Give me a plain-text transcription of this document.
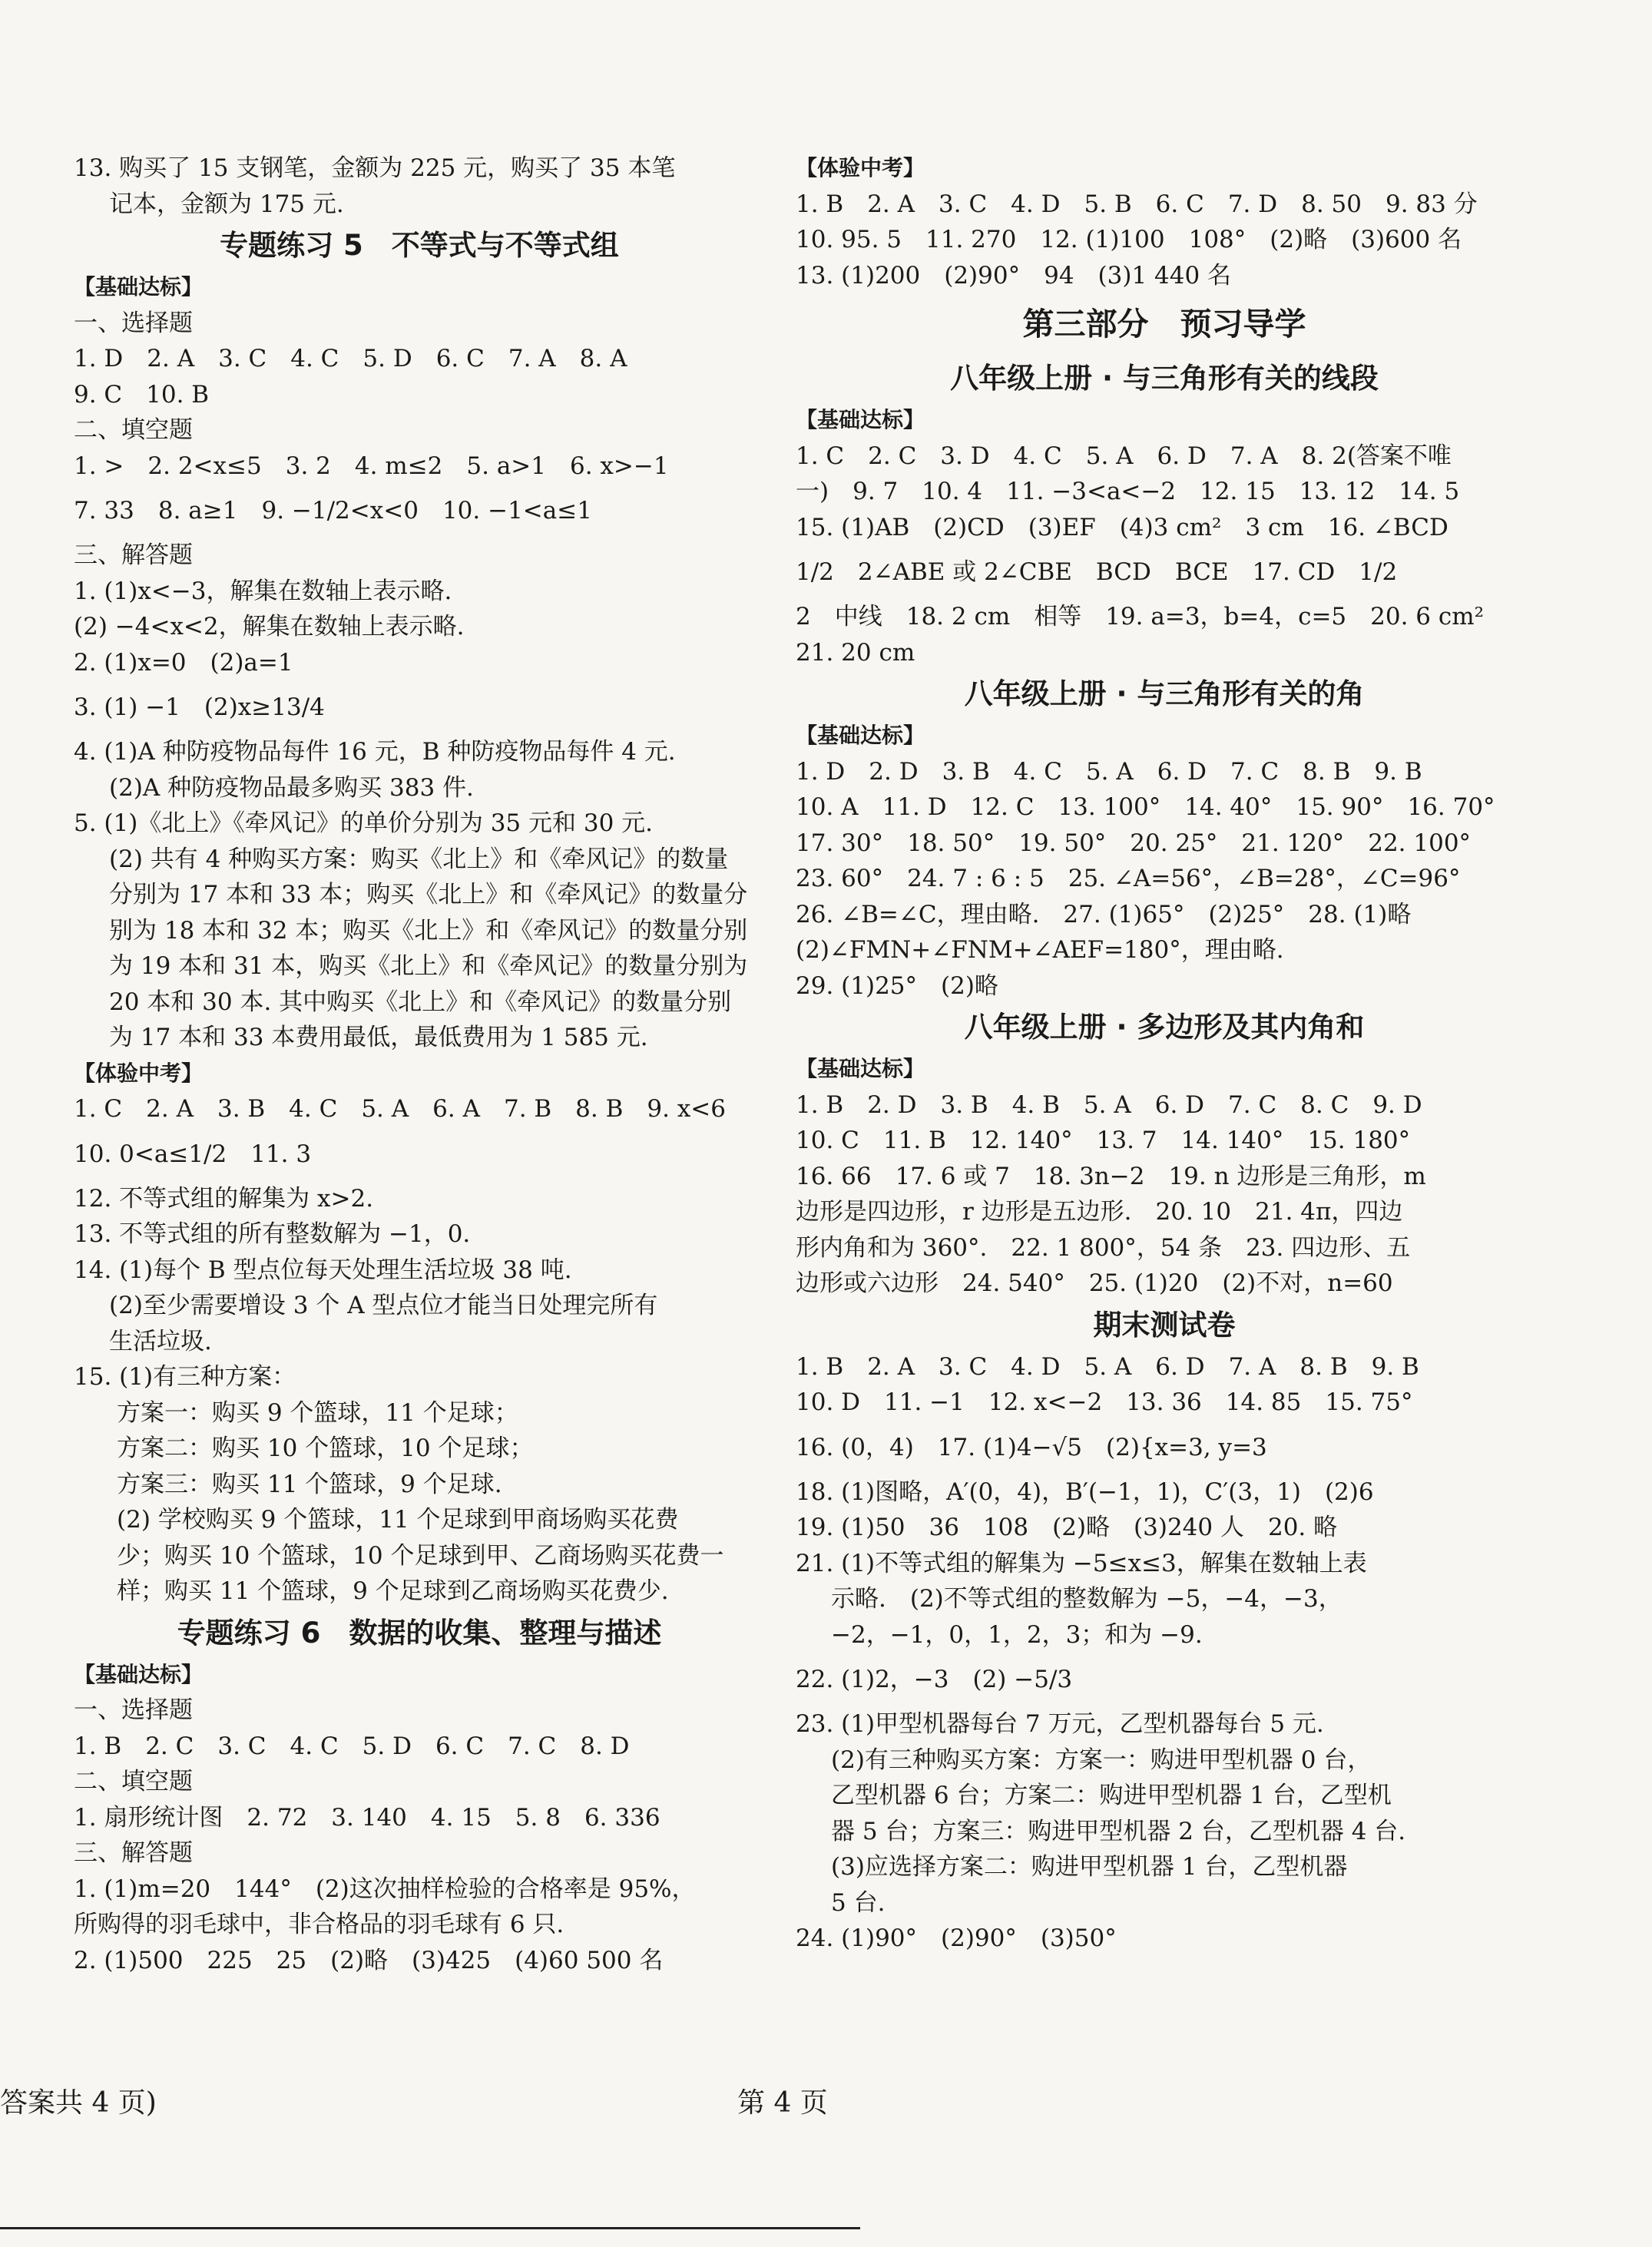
13. 购买了 15 支钢笔，金额为 225 元，购买了 35 本笔
记本，金额为 175 元.
专题练习 5　不等式与不等式组
【基础达标】
一、选择题
1. D　2. A　3. C　4. C　5. D　6. C　7. A　8. A
9. C　10. B
二、填空题
1. >　2. 2<x≤5　3. 2　4. m≤2　5. a>1　6. x>−1
7. 33　8. a≥1　9. −1/2<x<0　10. −1<a≤1
三、解答题
1. (1)x<−3，解集在数轴上表示略.
(2) −4<x<2，解集在数轴上表示略.
2. (1)x=0　(2)a=1
3. (1) −1　(2)x≥13/4
4. (1)A 种防疫物品每件 16 元，B 种防疫物品每件 4 元.
(2)A 种防疫物品最多购买 383 件.
5. (1)《北上》《牵风记》的单价分别为 35 元和 30 元.
(2) 共有 4 种购买方案：购买《北上》和《牵风记》的数量
分别为 17 本和 33 本；购买《北上》和《牵风记》的数量分
别为 18 本和 32 本；购买《北上》和《牵风记》的数量分别
为 19 本和 31 本，购买《北上》和《牵风记》的数量分别为
20 本和 30 本. 其中购买《北上》和《牵风记》的数量分别
为 17 本和 33 本费用最低，最低费用为 1 585 元.
【体验中考】
1. C　2. A　3. B　4. C　5. A　6. A　7. B　8. B　9. x<6
10. 0<a≤1/2　11. 3
12. 不等式组的解集为 x>2.
13. 不等式组的所有整数解为 −1，0.
14. (1)每个 B 型点位每天处理生活垃圾 38 吨.
(2)至少需要增设 3 个 A 型点位才能当日处理完所有
生活垃圾.
15. (1)有三种方案：
方案一：购买 9 个篮球，11 个足球；
方案二：购买 10 个篮球，10 个足球；
方案三：购买 11 个篮球，9 个足球.
(2) 学校购买 9 个篮球，11 个足球到甲商场购买花费
少；购买 10 个篮球，10 个足球到甲、乙商场购买花费一
样；购买 11 个篮球，9 个足球到乙商场购买花费少.
专题练习 6　数据的收集、整理与描述
【基础达标】
一、选择题
1. B　2. C　3. C　4. C　5. D　6. C　7. C　8. D
二、填空题
1. 扇形统计图　2. 72　3. 140　4. 15　5. 8　6. 336
三、解答题
1. (1)m=20　144°　(2)这次抽样检验的合格率是 95%，
所购得的羽毛球中，非合格品的羽毛球有 6 只.
2. (1)500　225　25　(2)略　(3)425　(4)60 500 名
【体验中考】
1. B　2. A　3. C　4. D　5. B　6. C　7. D　8. 50　9. 83 分
10. 95. 5　11. 270　12. (1)100　108°　(2)略　(3)600 名
13. (1)200　(2)90°　94　(3)1 440 名
第三部分　预习导学
八年级上册 · 与三角形有关的线段
【基础达标】
1. C　2. C　3. D　4. C　5. A　6. D　7. A　8. 2(答案不唯
一)　9. 7　10. 4　11. −3<a<−2　12. 15　13. 12　14. 5
15. (1)AB　(2)CD　(3)EF　(4)3 cm²　3 cm　16. ∠BCD
1/2　2∠ABE 或 2∠CBE　BCD　BCE　17. CD　1/2
2　中线　18. 2 cm　相等　19. a=3，b=4，c=5　20. 6 cm²
21. 20 cm
八年级上册 · 与三角形有关的角
【基础达标】
1. D　2. D　3. B　4. C　5. A　6. D　7. C　8. B　9. B
10. A　11. D　12. C　13. 100°　14. 40°　15. 90°　16. 70°
17. 30°　18. 50°　19. 50°　20. 25°　21. 120°　22. 100°
23. 60°　24. 7 : 6 : 5　25. ∠A=56°，∠B=28°，∠C=96°
26. ∠B=∠C，理由略.　27. (1)65°　(2)25°　28. (1)略
(2)∠FMN+∠FNM+∠AEF=180°，理由略.
29. (1)25°　(2)略
八年级上册 · 多边形及其内角和
【基础达标】
1. B　2. D　3. B　4. B　5. A　6. D　7. C　8. C　9. D
10. C　11. B　12. 140°　13. 7　14. 140°　15. 180°
16. 66　17. 6 或 7　18. 3n−2　19. n 边形是三角形，m
边形是四边形，r 边形是五边形.　20. 10　21. 4π，四边
形内角和为 360°.　22. 1 800°，54 条　23. 四边形、五
边形或六边形　24. 540°　25. (1)20　(2)不对，n=60
期末测试卷
1. B　2. A　3. C　4. D　5. A　6. D　7. A　8. B　9. B
10. D　11. −1　12. x<−2　13. 36　14. 85　15. 75°
16. (0，4)　17. (1)4−√5　(2){x=3, y=3
18. (1)图略，A′(0，4)，B′(−1，1)，C′(3，1)　(2)6
19. (1)50　36　108　(2)略　(3)240 人　20. 略
21. (1)不等式组的解集为 −5≤x≤3，解集在数轴上表
示略.　(2)不等式组的整数解为 −5，−4，−3，
−2，−1，0，1，2，3；和为 −9.
22. (1)2，−3　(2) −5/3
23. (1)甲型机器每台 7 万元，乙型机器每台 5 元.
(2)有三种购买方案：方案一：购进甲型机器 0 台，
乙型机器 6 台；方案二：购进甲型机器 1 台，乙型机
器 5 台；方案三：购进甲型机器 2 台，乙型机器 4 台.
(3)应选择方案二：购进甲型机器 1 台，乙型机器
5 台.
24. (1)90°　(2)90°　(3)50°
答案共 4 页)	第 4 页
